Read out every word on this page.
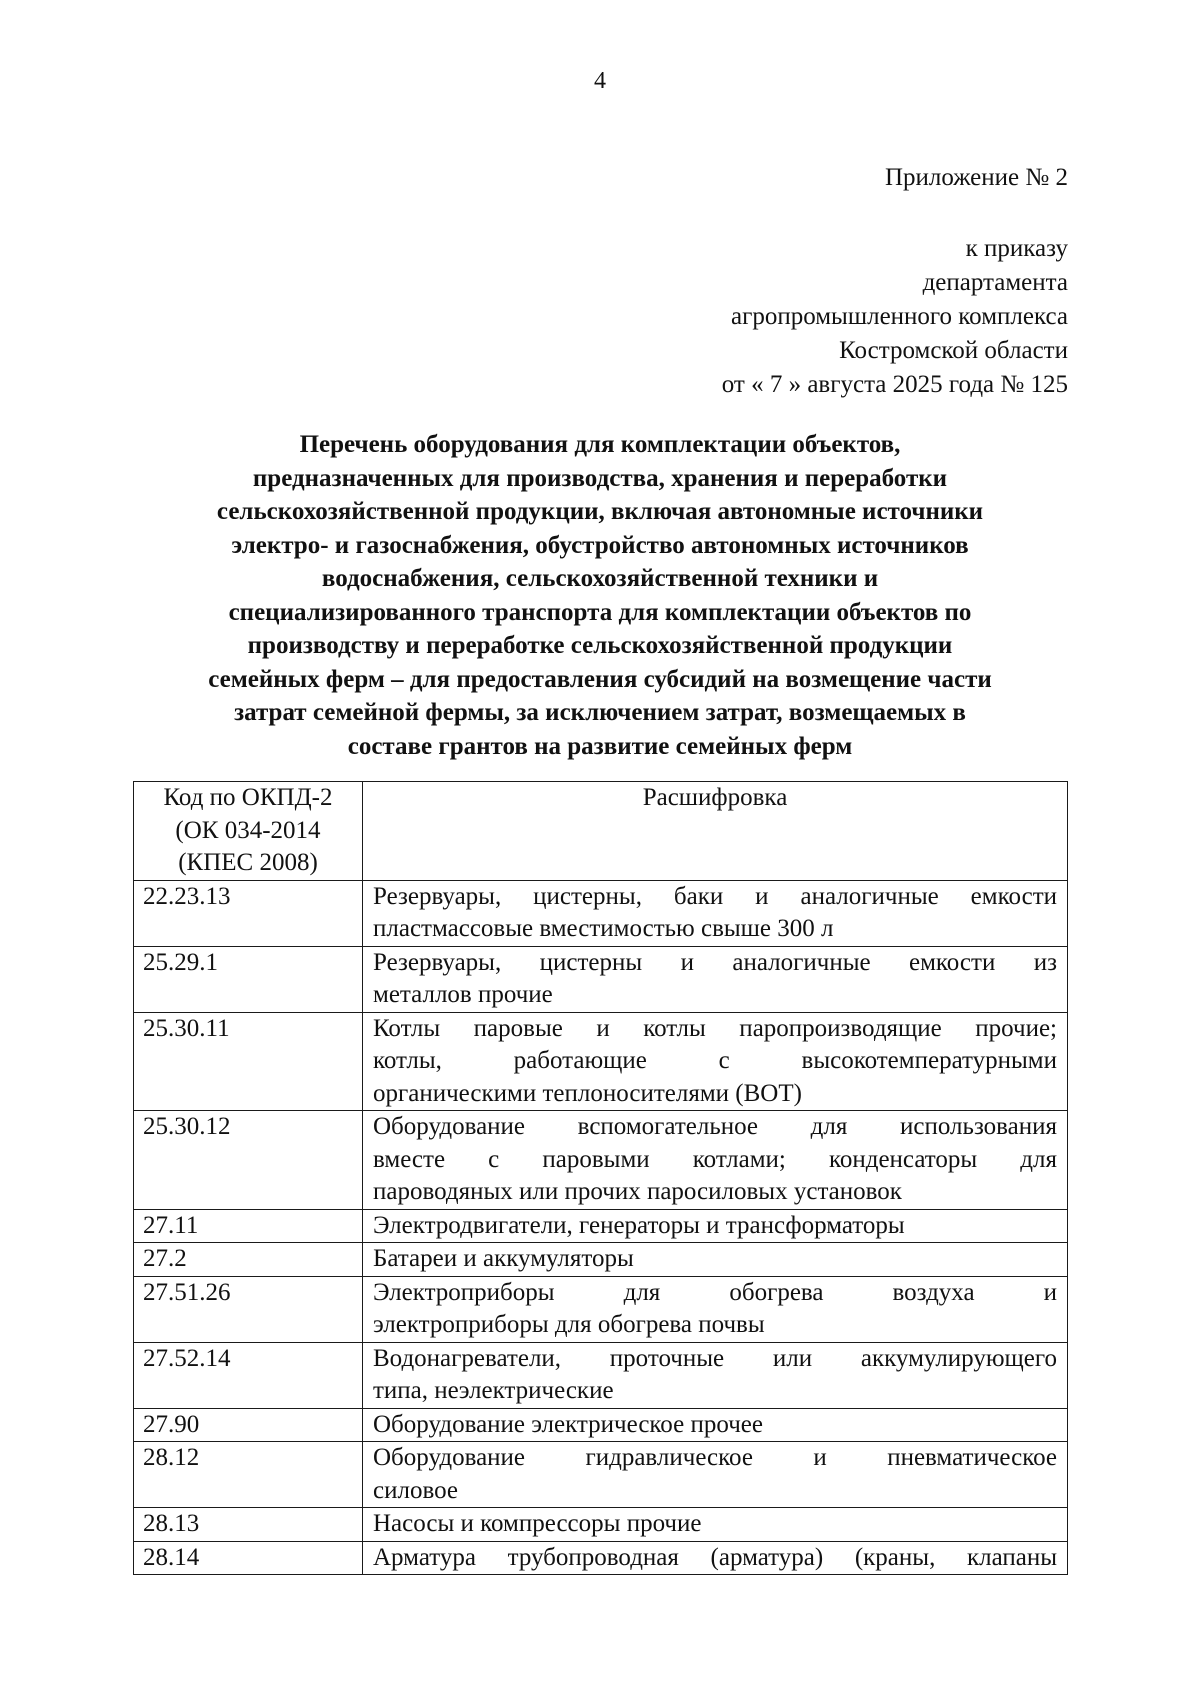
4
Приложение № 2
к приказу
департамента
агропромышленного комплекса
Костромской области
от « 7 » августа 2025 года № 125
Перечень оборудования для комплектации объектов,
предназначенных для производства, хранения и переработки
сельскохозяйственной продукции, включая автономные источники
электро- и газоснабжения, обустройство автономных источников
водоснабжения, сельскохозяйственной техники и
специализированного транспорта для комплектации объектов по
производству и переработке сельскохозяйственной продукции
семейных ферм – для предоставления субсидий на возмещение части
затрат семейной фермы, за исключением затрат, возмещаемых в
составе грантов на развитие семейных ферм
Код по ОКПД-2
(ОК 034-2014
(КПЕС 2008)	Расшифровка
22.23.13	Резервуары, цистерны, баки и аналогичные емкости
пластмассовые вместимостью свыше 300 л

25.29.1	Резервуары, цистерны и аналогичные емкости из
металлов прочие

25.30.11	Котлы паровые и котлы паропроизводящие прочие;
котлы, работающие с высокотемпературными
органическими теплоносителями (ВОТ)

25.30.12	Оборудование вспомогательное для использования
вместе с паровыми котлами; конденсаторы для
пароводяных или прочих паросиловых установок

27.11	Электродвигатели, генераторы и трансформаторы

27.2	Батареи и аккумуляторы

27.51.26	Электроприборы для обогрева воздуха и
электроприборы для обогрева почвы

27.52.14	Водонагреватели, проточные или аккумулирующего
типа, неэлектрические

27.90	Оборудование электрическое прочее

28.12	Оборудование гидравлическое и пневматическое
силовое

28.13	Насосы и компрессоры прочие

28.14	Арматура трубопроводная (арматура) (краны, клапаны
